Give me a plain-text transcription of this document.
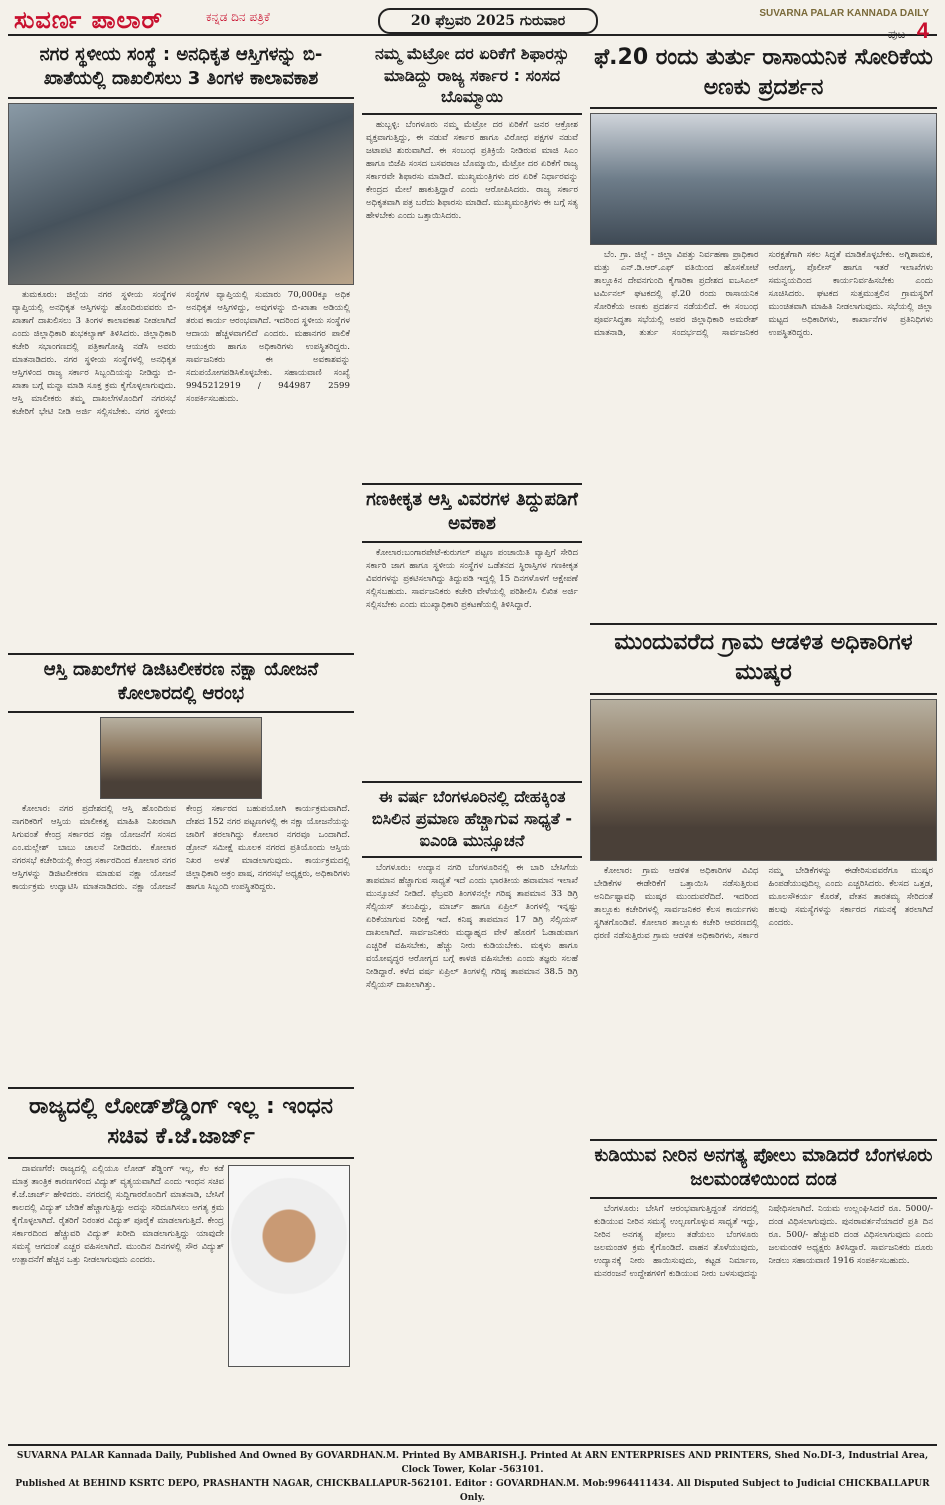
ಸುವರ್ಣ ಪಾಲಾರ್	ಕನ್ನಡ ದಿನ ಪತ್ರಿಕೆ	20 ಫೆಬ್ರವರಿ 2025 ಗುರುವಾರ	SUVARNA PALAR KANNADA DAILY
ಪುಟ - 4
ನಗರ ಸ್ಥಳೀಯ ಸಂಸ್ಥೆ : ಅನಧಿಕೃತ ಆಸ್ತಿಗಳನ್ನು ಬಿ-ಖಾತೆಯಲ್ಲಿ ದಾಖಲಿಸಲು 3 ತಿಂಗಳ ಕಾಲಾವಕಾಶ
ತುಮಕೂರು: ಜಿಲ್ಲೆಯ ನಗರ ಸ್ಥಳೀಯ ಸಂಸ್ಥೆಗಳ ವ್ಯಾಪ್ತಿಯಲ್ಲಿ ಅನಧಿಕೃತ ಆಸ್ತಿಗಳನ್ನು ಹೊಂದಿರುವವರು ಬಿ-ಖಾತಾಗೆ ದಾಖಲಿಸಲು 3 ತಿಂಗಳ ಕಾಲಾವಕಾಶ ನೀಡಲಾಗಿದೆ ಎಂದು ಜಿಲ್ಲಾಧಿಕಾರಿ ಶುಭಕಲ್ಯಾಣ್ ತಿಳಿಸಿದರು. ಜಿಲ್ಲಾಧಿಕಾರಿ ಕಚೇರಿ ಸಭಾಂಗಣದಲ್ಲಿ ಪತ್ರಿಕಾಗೋಷ್ಠಿ ನಡೆಸಿ ಅವರು ಮಾತನಾಡಿದರು. ನಗರ ಸ್ಥಳೀಯ ಸಂಸ್ಥೆಗಳಲ್ಲಿ ಅನಧಿಕೃತ ಆಸ್ತಿಗಳಿಂದ ರಾಜ್ಯ ಸರ್ಕಾರ ಸಿಬ್ಬಂದಿಯನ್ನು ನೀಡಿದ್ದು ಬಿ-ಖಾತಾ ಬಗ್ಗೆ ಮನ್ನಾ ಮಾಡಿ ಸೂಕ್ತ ಕ್ರಮ ಕೈಗೊಳ್ಳಲಾಗುವುದು. ಆಸ್ತಿ ಮಾಲೀಕರು ತಮ್ಮ ದಾಖಲೆಗಳೊಂದಿಗೆ ನಗರಸಭೆ ಕಚೇರಿಗೆ ಭೇಟಿ ನೀಡಿ ಅರ್ಜಿ ಸಲ್ಲಿಸಬೇಕು. ನಗರ ಸ್ಥಳೀಯ ಸಂಸ್ಥೆಗಳ ವ್ಯಾಪ್ತಿಯಲ್ಲಿ ಸುಮಾರು 70,000ಕ್ಕೂ ಅಧಿಕ ಅನಧಿಕೃತ ಆಸ್ತಿಗಳಿದ್ದು, ಅವುಗಳನ್ನು ಬಿ-ಖಾತಾ ಅಡಿಯಲ್ಲಿ ತರುವ ಕಾರ್ಯ ಆರಂಭವಾಗಿದೆ. ಇದರಿಂದ ಸ್ಥಳೀಯ ಸಂಸ್ಥೆಗಳ ಆದಾಯ ಹೆಚ್ಚಳವಾಗಲಿದೆ ಎಂದರು. ಮಹಾನಗರ ಪಾಲಿಕೆ ಆಯುಕ್ತರು ಹಾಗೂ ಅಧಿಕಾರಿಗಳು ಉಪಸ್ಥಿತರಿದ್ದರು. ಸಾರ್ವಜನಿಕರು ಈ ಅವಕಾಶವನ್ನು ಸದುಪಯೋಗಪಡಿಸಿಕೊಳ್ಳಬೇಕು. ಸಹಾಯವಾಣಿ ಸಂಖ್ಯೆ 9945212919 / 944987 2599 ಸಂಪರ್ಕಿಸಬಹುದು.
ಆಸ್ತಿ ದಾಖಲೆಗಳ ಡಿಜಿಟಲೀಕರಣ ನಕ್ಷಾ ಯೋಜನೆ ಕೋಲಾರದಲ್ಲಿ ಆರಂಭ
ಕೋಲಾರ: ನಗರ ಪ್ರದೇಶದಲ್ಲಿ ಆಸ್ತಿ ಹೊಂದಿರುವ ನಾಗರಿಕರಿಗೆ ಆಸ್ತಿಯ ಮಾಲೀಕತ್ವ ಮಾಹಿತಿ ನಿಖರವಾಗಿ ಸಿಗುವಂತೆ ಕೇಂದ್ರ ಸರ್ಕಾರದ ನಕ್ಷಾ ಯೋಜನೆಗೆ ಸಂಸದ ಎಂ.ಮಲ್ಲೇಶ್ ಬಾಬು ಚಾಲನೆ ನೀಡಿದರು. ಕೋಲಾರ ನಗರಸಭೆ ಕಚೇರಿಯಲ್ಲಿ ಕೇಂದ್ರ ಸರ್ಕಾರದಿಂದ ಕೋಲಾರ ನಗರ ಆಸ್ತಿಗಳನ್ನು ಡಿಜಿಟಲೀಕರಣ ಮಾಡುವ ನಕ್ಷಾ ಯೋಜನೆ ಕಾರ್ಯಕ್ರಮ ಉದ್ಘಾಟಿಸಿ ಮಾತನಾಡಿದರು. ನಕ್ಷಾ ಯೋಜನೆ ಕೇಂದ್ರ ಸರ್ಕಾರದ ಬಹುಪಯೋಗಿ ಕಾರ್ಯಕ್ರಮವಾಗಿದೆ. ದೇಶದ 152 ನಗರ ಪಟ್ಟಣಗಳಲ್ಲಿ ಈ ನಕ್ಷಾ ಯೋಜನೆಯನ್ನು ಜಾರಿಗೆ ತರಲಾಗಿದ್ದು ಕೋಲಾರ ನಗರವೂ ಒಂದಾಗಿದೆ. ಡ್ರೋನ್ ಸಮೀಕ್ಷೆ ಮೂಲಕ ನಗರದ ಪ್ರತಿಯೊಂದು ಆಸ್ತಿಯ ನಿಖರ ಅಳತೆ ಮಾಡಲಾಗುವುದು. ಕಾರ್ಯಕ್ರಮದಲ್ಲಿ ಜಿಲ್ಲಾಧಿಕಾರಿ ಅಕ್ರಂ ಪಾಷ, ನಗರಸಭೆ ಅಧ್ಯಕ್ಷರು, ಅಧಿಕಾರಿಗಳು ಹಾಗೂ ಸಿಬ್ಬಂದಿ ಉಪಸ್ಥಿತರಿದ್ದರು.
ರಾಜ್ಯದಲ್ಲಿ ಲೋಡ್‌ಶೆಡ್ಡಿಂಗ್ ಇಲ್ಲ : ಇಂಧನ ಸಚಿವ ಕೆ.ಜೆ.ಜಾರ್ಜ್
ದಾವಣಗೆರೆ: ರಾಜ್ಯದಲ್ಲಿ ಎಲ್ಲಿಯೂ ಲೋಡ್ ಶೆಡ್ಡಿಂಗ್ ಇಲ್ಲ, ಕೆಲ ಕಡೆ ಮಾತ್ರ ತಾಂತ್ರಿಕ ಕಾರಣಗಳಿಂದ ವಿದ್ಯುತ್ ವ್ಯತ್ಯಯವಾಗಿದೆ ಎಂದು ಇಂಧನ ಸಚಿವ ಕೆ.ಜೆ.ಜಾರ್ಜ್ ಹೇಳಿದರು. ನಗರದಲ್ಲಿ ಸುದ್ದಿಗಾರರೊಂದಿಗೆ ಮಾತನಾಡಿ, ಬೇಸಿಗೆ ಕಾಲದಲ್ಲಿ ವಿದ್ಯುತ್ ಬೇಡಿಕೆ ಹೆಚ್ಚಾಗುತ್ತಿದ್ದು ಅದನ್ನು ಸರಿದೂಗಿಸಲು ಅಗತ್ಯ ಕ್ರಮ ಕೈಗೊಳ್ಳಲಾಗಿದೆ. ರೈತರಿಗೆ ನಿರಂತರ ವಿದ್ಯುತ್ ಪೂರೈಕೆ ಮಾಡಲಾಗುತ್ತಿದೆ. ಕೇಂದ್ರ ಸರ್ಕಾರದಿಂದ ಹೆಚ್ಚುವರಿ ವಿದ್ಯುತ್ ಖರೀದಿ ಮಾಡಲಾಗುತ್ತಿದ್ದು ಯಾವುದೇ ಸಮಸ್ಯೆ ಆಗದಂತೆ ಎಚ್ಚರ ವಹಿಸಲಾಗಿದೆ. ಮುಂದಿನ ದಿನಗಳಲ್ಲಿ ಸೌರ ವಿದ್ಯುತ್ ಉತ್ಪಾದನೆಗೆ ಹೆಚ್ಚಿನ ಒತ್ತು ನೀಡಲಾಗುವುದು ಎಂದರು.
ನಮ್ಮ ಮೆಟ್ರೋ ದರ ಏರಿಕೆಗೆ ಶಿಫಾರಸ್ಸು ಮಾಡಿದ್ದು ರಾಜ್ಯ ಸರ್ಕಾರ : ಸಂಸದ ಬೊಮ್ಮಾಯಿ
ಹುಬ್ಬಳ್ಳಿ: ಬೆಂಗಳೂರು ನಮ್ಮ ಮೆಟ್ರೋ ದರ ಏರಿಕೆಗೆ ಜನರ ಆಕ್ರೋಶ ವ್ಯಕ್ತವಾಗುತ್ತಿದ್ದು, ಈ ನಡುವೆ ಸರ್ಕಾರ ಹಾಗೂ ವಿರೋಧ ಪಕ್ಷಗಳ ನಡುವೆ ಜಟಾಪಟಿ ಶುರುವಾಗಿದೆ. ಈ ಸಂಬಂಧ ಪ್ರತಿಕ್ರಿಯೆ ನೀಡಿರುವ ಮಾಜಿ ಸಿಎಂ ಹಾಗೂ ಬಿಜೆಪಿ ಸಂಸದ ಬಸವರಾಜ ಬೊಮ್ಮಾಯಿ, ಮೆಟ್ರೋ ದರ ಏರಿಕೆಗೆ ರಾಜ್ಯ ಸರ್ಕಾರವೇ ಶಿಫಾರಸು ಮಾಡಿದೆ. ಮುಖ್ಯಮಂತ್ರಿಗಳು ದರ ಏರಿಕೆ ನಿರ್ಧಾರವನ್ನು ಕೇಂದ್ರದ ಮೇಲೆ ಹಾಕುತ್ತಿದ್ದಾರೆ ಎಂದು ಆರೋಪಿಸಿದರು. ರಾಜ್ಯ ಸರ್ಕಾರ ಅಧಿಕೃತವಾಗಿ ಪತ್ರ ಬರೆದು ಶಿಫಾರಸು ಮಾಡಿದೆ. ಮುಖ್ಯಮಂತ್ರಿಗಳು ಈ ಬಗ್ಗೆ ಸತ್ಯ ಹೇಳಬೇಕು ಎಂದು ಒತ್ತಾಯಿಸಿದರು.
ಗಣಕೀಕೃತ ಆಸ್ತಿ ವಿವರಗಳ ತಿದ್ದುಪಡಿಗೆ ಅವಕಾಶ
ಕೋಲಾರ:ಬಂಗಾರಪೇಟೆ-ಕುರುಗಲ್ ಪಟ್ಟಣ ಪಂಚಾಯಿತಿ ವ್ಯಾಪ್ತಿಗೆ ಸೇರಿದ ಸರ್ಕಾರಿ ಜಾಗ ಹಾಗೂ ಸ್ಥಳೀಯ ಸಂಸ್ಥೆಗಳ ಒಡೆತನದ ಸ್ಥಿರಾಸ್ತಿಗಳ ಗಣಕೀಕೃತ ವಿವರಗಳನ್ನು ಪ್ರಕಟಿಸಲಾಗಿದ್ದು ತಿದ್ದುಪಡಿ ಇದ್ದಲ್ಲಿ 15 ದಿನಗಳೊಳಗೆ ಆಕ್ಷೇಪಣೆ ಸಲ್ಲಿಸಬಹುದು. ಸಾರ್ವಜನಿಕರು ಕಚೇರಿ ವೇಳೆಯಲ್ಲಿ ಪರಿಶೀಲಿಸಿ ಲಿಖಿತ ಅರ್ಜಿ ಸಲ್ಲಿಸಬೇಕು ಎಂದು ಮುಖ್ಯಾಧಿಕಾರಿ ಪ್ರಕಟಣೆಯಲ್ಲಿ ತಿಳಿಸಿದ್ದಾರೆ.
ಈ ವರ್ಷ ಬೆಂಗಳೂರಿನಲ್ಲಿ ದೇಹಕ್ಕಿಂತ ಬಿಸಿಲಿನ ಪ್ರಮಾಣ ಹೆಚ್ಚಾಗುವ ಸಾಧ್ಯತೆ - ಐಎಂಡಿ ಮುನ್ಸೂಚನೆ
ಬೆಂಗಳೂರು: ಉದ್ಯಾನ ನಗರಿ ಬೆಂಗಳೂರಿನಲ್ಲಿ ಈ ಬಾರಿ ಬೇಸಿಗೆಯ ತಾಪಮಾನ ಹೆಚ್ಚಾಗುವ ಸಾಧ್ಯತೆ ಇದೆ ಎಂದು ಭಾರತೀಯ ಹವಾಮಾನ ಇಲಾಖೆ ಮುನ್ಸೂಚನೆ ನೀಡಿದೆ. ಫೆಬ್ರವರಿ ತಿಂಗಳಿನಲ್ಲೇ ಗರಿಷ್ಠ ತಾಪಮಾನ 33 ಡಿಗ್ರಿ ಸೆಲ್ಸಿಯಸ್ ತಲುಪಿದ್ದು, ಮಾರ್ಚ್ ಹಾಗೂ ಏಪ್ರಿಲ್ ತಿಂಗಳಲ್ಲಿ ಇನ್ನಷ್ಟು ಏರಿಕೆಯಾಗುವ ನಿರೀಕ್ಷೆ ಇದೆ. ಕನಿಷ್ಠ ತಾಪಮಾನ 17 ಡಿಗ್ರಿ ಸೆಲ್ಸಿಯಸ್ ದಾಖಲಾಗಿದೆ. ಸಾರ್ವಜನಿಕರು ಮಧ್ಯಾಹ್ನದ ವೇಳೆ ಹೊರಗೆ ಓಡಾಡುವಾಗ ಎಚ್ಚರಿಕೆ ವಹಿಸಬೇಕು, ಹೆಚ್ಚು ನೀರು ಕುಡಿಯಬೇಕು. ಮಕ್ಕಳು ಹಾಗೂ ವಯೋವೃದ್ಧರ ಆರೋಗ್ಯದ ಬಗ್ಗೆ ಕಾಳಜಿ ವಹಿಸಬೇಕು ಎಂದು ತಜ್ಞರು ಸಲಹೆ ನೀಡಿದ್ದಾರೆ. ಕಳೆದ ವರ್ಷ ಏಪ್ರಿಲ್ ತಿಂಗಳಲ್ಲಿ ಗರಿಷ್ಠ ತಾಪಮಾನ 38.5 ಡಿಗ್ರಿ ಸೆಲ್ಸಿಯಸ್ ದಾಖಲಾಗಿತ್ತು.
ಫೆ.20 ರಂದು ತುರ್ತು ರಾಸಾಯನಿಕ ಸೋರಿಕೆಯ ಅಣಕು ಪ್ರದರ್ಶನ
ಬೆಂ. ಗ್ರಾ. ಜಿಲ್ಲೆ - ಜಿಲ್ಲಾ ವಿಪತ್ತು ನಿರ್ವಹಣಾ ಪ್ರಾಧಿಕಾರ ಮತ್ತು ಎನ್.ಡಿ.ಆರ್.ಎಫ್ ವತಿಯಿಂದ ಹೊಸಕೋಟೆ ತಾಲ್ಲೂಕಿನ ದೇವನಗುಂದಿ ಕೈಗಾರಿಕಾ ಪ್ರದೇಶದ ಐಒಸಿಎಲ್ ಟರ್ಮಿನಲ್ ಘಟಕದಲ್ಲಿ ಫೆ.20 ರಂದು ರಾಸಾಯನಿಕ ಸೋರಿಕೆಯ ಅಣಕು ಪ್ರದರ್ಶನ ನಡೆಯಲಿದೆ. ಈ ಸಂಬಂಧ ಪೂರ್ವಸಿದ್ಧತಾ ಸಭೆಯಲ್ಲಿ ಅಪರ ಜಿಲ್ಲಾಧಿಕಾರಿ ಅಮರೇಶ್ ಮಾತನಾಡಿ, ತುರ್ತು ಸಂದರ್ಭದಲ್ಲಿ ಸಾರ್ವಜನಿಕರ ಸುರಕ್ಷತೆಗಾಗಿ ಸಕಲ ಸಿದ್ಧತೆ ಮಾಡಿಕೊಳ್ಳಬೇಕು. ಅಗ್ನಿಶಾಮಕ, ಆರೋಗ್ಯ, ಪೊಲೀಸ್ ಹಾಗೂ ಇತರೆ ಇಲಾಖೆಗಳು ಸಮನ್ವಯದಿಂದ ಕಾರ್ಯನಿರ್ವಹಿಸಬೇಕು ಎಂದು ಸೂಚಿಸಿದರು. ಘಟಕದ ಸುತ್ತಮುತ್ತಲಿನ ಗ್ರಾಮಸ್ಥರಿಗೆ ಮುಂಚಿತವಾಗಿ ಮಾಹಿತಿ ನೀಡಲಾಗುವುದು. ಸಭೆಯಲ್ಲಿ ಜಿಲ್ಲಾ ಮಟ್ಟದ ಅಧಿಕಾರಿಗಳು, ಕಾರ್ಖಾನೆಗಳ ಪ್ರತಿನಿಧಿಗಳು ಉಪಸ್ಥಿತರಿದ್ದರು.
ಮುಂದುವರೆದ ಗ್ರಾಮ ಆಡಳಿತ ಅಧಿಕಾರಿಗಳ ಮುಷ್ಕರ
ಕೋಲಾರ: ಗ್ರಾಮ ಆಡಳಿತ ಅಧಿಕಾರಿಗಳ ವಿವಿಧ ಬೇಡಿಕೆಗಳ ಈಡೇರಿಕೆಗೆ ಒತ್ತಾಯಿಸಿ ನಡೆಸುತ್ತಿರುವ ಅನಿರ್ದಿಷ್ಟಾವಧಿ ಮುಷ್ಕರ ಮುಂದುವರೆದಿದೆ. ಇದರಿಂದ ತಾಲ್ಲೂಕು ಕಚೇರಿಗಳಲ್ಲಿ ಸಾರ್ವಜನಿಕರ ಕೆಲಸ ಕಾರ್ಯಗಳು ಸ್ಥಗಿತಗೊಂಡಿವೆ. ಕೋಲಾರ ತಾಲ್ಲೂಕು ಕಚೇರಿ ಆವರಣದಲ್ಲಿ ಧರಣಿ ನಡೆಸುತ್ತಿರುವ ಗ್ರಾಮ ಆಡಳಿತ ಅಧಿಕಾರಿಗಳು, ಸರ್ಕಾರ ನಮ್ಮ ಬೇಡಿಕೆಗಳನ್ನು ಈಡೇರಿಸುವವರೆಗೂ ಮುಷ್ಕರ ಹಿಂಪಡೆಯುವುದಿಲ್ಲ ಎಂದು ಎಚ್ಚರಿಸಿದರು. ಕೆಲಸದ ಒತ್ತಡ, ಮೂಲಸೌಕರ್ಯ ಕೊರತೆ, ವೇತನ ತಾರತಮ್ಯ ಸೇರಿದಂತೆ ಹಲವು ಸಮಸ್ಯೆಗಳನ್ನು ಸರ್ಕಾರದ ಗಮನಕ್ಕೆ ತರಲಾಗಿದೆ ಎಂದರು.
ಕುಡಿಯುವ ನೀರಿನ ಅನಗತ್ಯ ಪೋಲು ಮಾಡಿದರೆ ಬೆಂಗಳೂರು ಜಲಮಂಡಳಿಯಿಂದ ದಂಡ
ಬೆಂಗಳೂರು: ಬೇಸಿಗೆ ಆರಂಭವಾಗುತ್ತಿದ್ದಂತೆ ನಗರದಲ್ಲಿ ಕುಡಿಯುವ ನೀರಿನ ಸಮಸ್ಯೆ ಉಲ್ಬಣಗೊಳ್ಳುವ ಸಾಧ್ಯತೆ ಇದ್ದು, ನೀರಿನ ಅನಗತ್ಯ ಪೋಲು ತಡೆಯಲು ಬೆಂಗಳೂರು ಜಲಮಂಡಳಿ ಕ್ರಮ ಕೈಗೊಂಡಿದೆ. ವಾಹನ ತೊಳೆಯುವುದು, ಉದ್ಯಾನಕ್ಕೆ ನೀರು ಹಾಯಿಸುವುದು, ಕಟ್ಟಡ ನಿರ್ಮಾಣ, ಮನರಂಜನೆ ಉದ್ದೇಶಗಳಿಗೆ ಕುಡಿಯುವ ನೀರು ಬಳಸುವುದನ್ನು ನಿಷೇಧಿಸಲಾಗಿದೆ. ನಿಯಮ ಉಲ್ಲಂಘಿಸಿದರೆ ರೂ. 5000/- ದಂಡ ವಿಧಿಸಲಾಗುವುದು. ಪುನರಾವರ್ತನೆಯಾದರೆ ಪ್ರತಿ ದಿನ ರೂ. 500/- ಹೆಚ್ಚುವರಿ ದಂಡ ವಿಧಿಸಲಾಗುವುದು ಎಂದು ಜಲಮಂಡಳಿ ಅಧ್ಯಕ್ಷರು ತಿಳಿಸಿದ್ದಾರೆ. ಸಾರ್ವಜನಿಕರು ದೂರು ನೀಡಲು ಸಹಾಯವಾಣಿ 1916 ಸಂಪರ್ಕಿಸಬಹುದು.
SUVARNA PALAR Kannada Daily, Published And Owned By GOVARDHAN.M. Printed By AMBARISH.J. Printed At ARN ENTERPRISES AND PRINTERS, Shed No.DI-3, Industrial Area, Clock Tower, Kolar -563101.
Published At BEHIND KSRTC DEPO, PRASHANTH NAGAR, CHICKBALLAPUR-562101. Editor : GOVARDHAN.M. Mob:9964411434. All Disputed Subject to Judicial CHICKBALLAPUR Only.
